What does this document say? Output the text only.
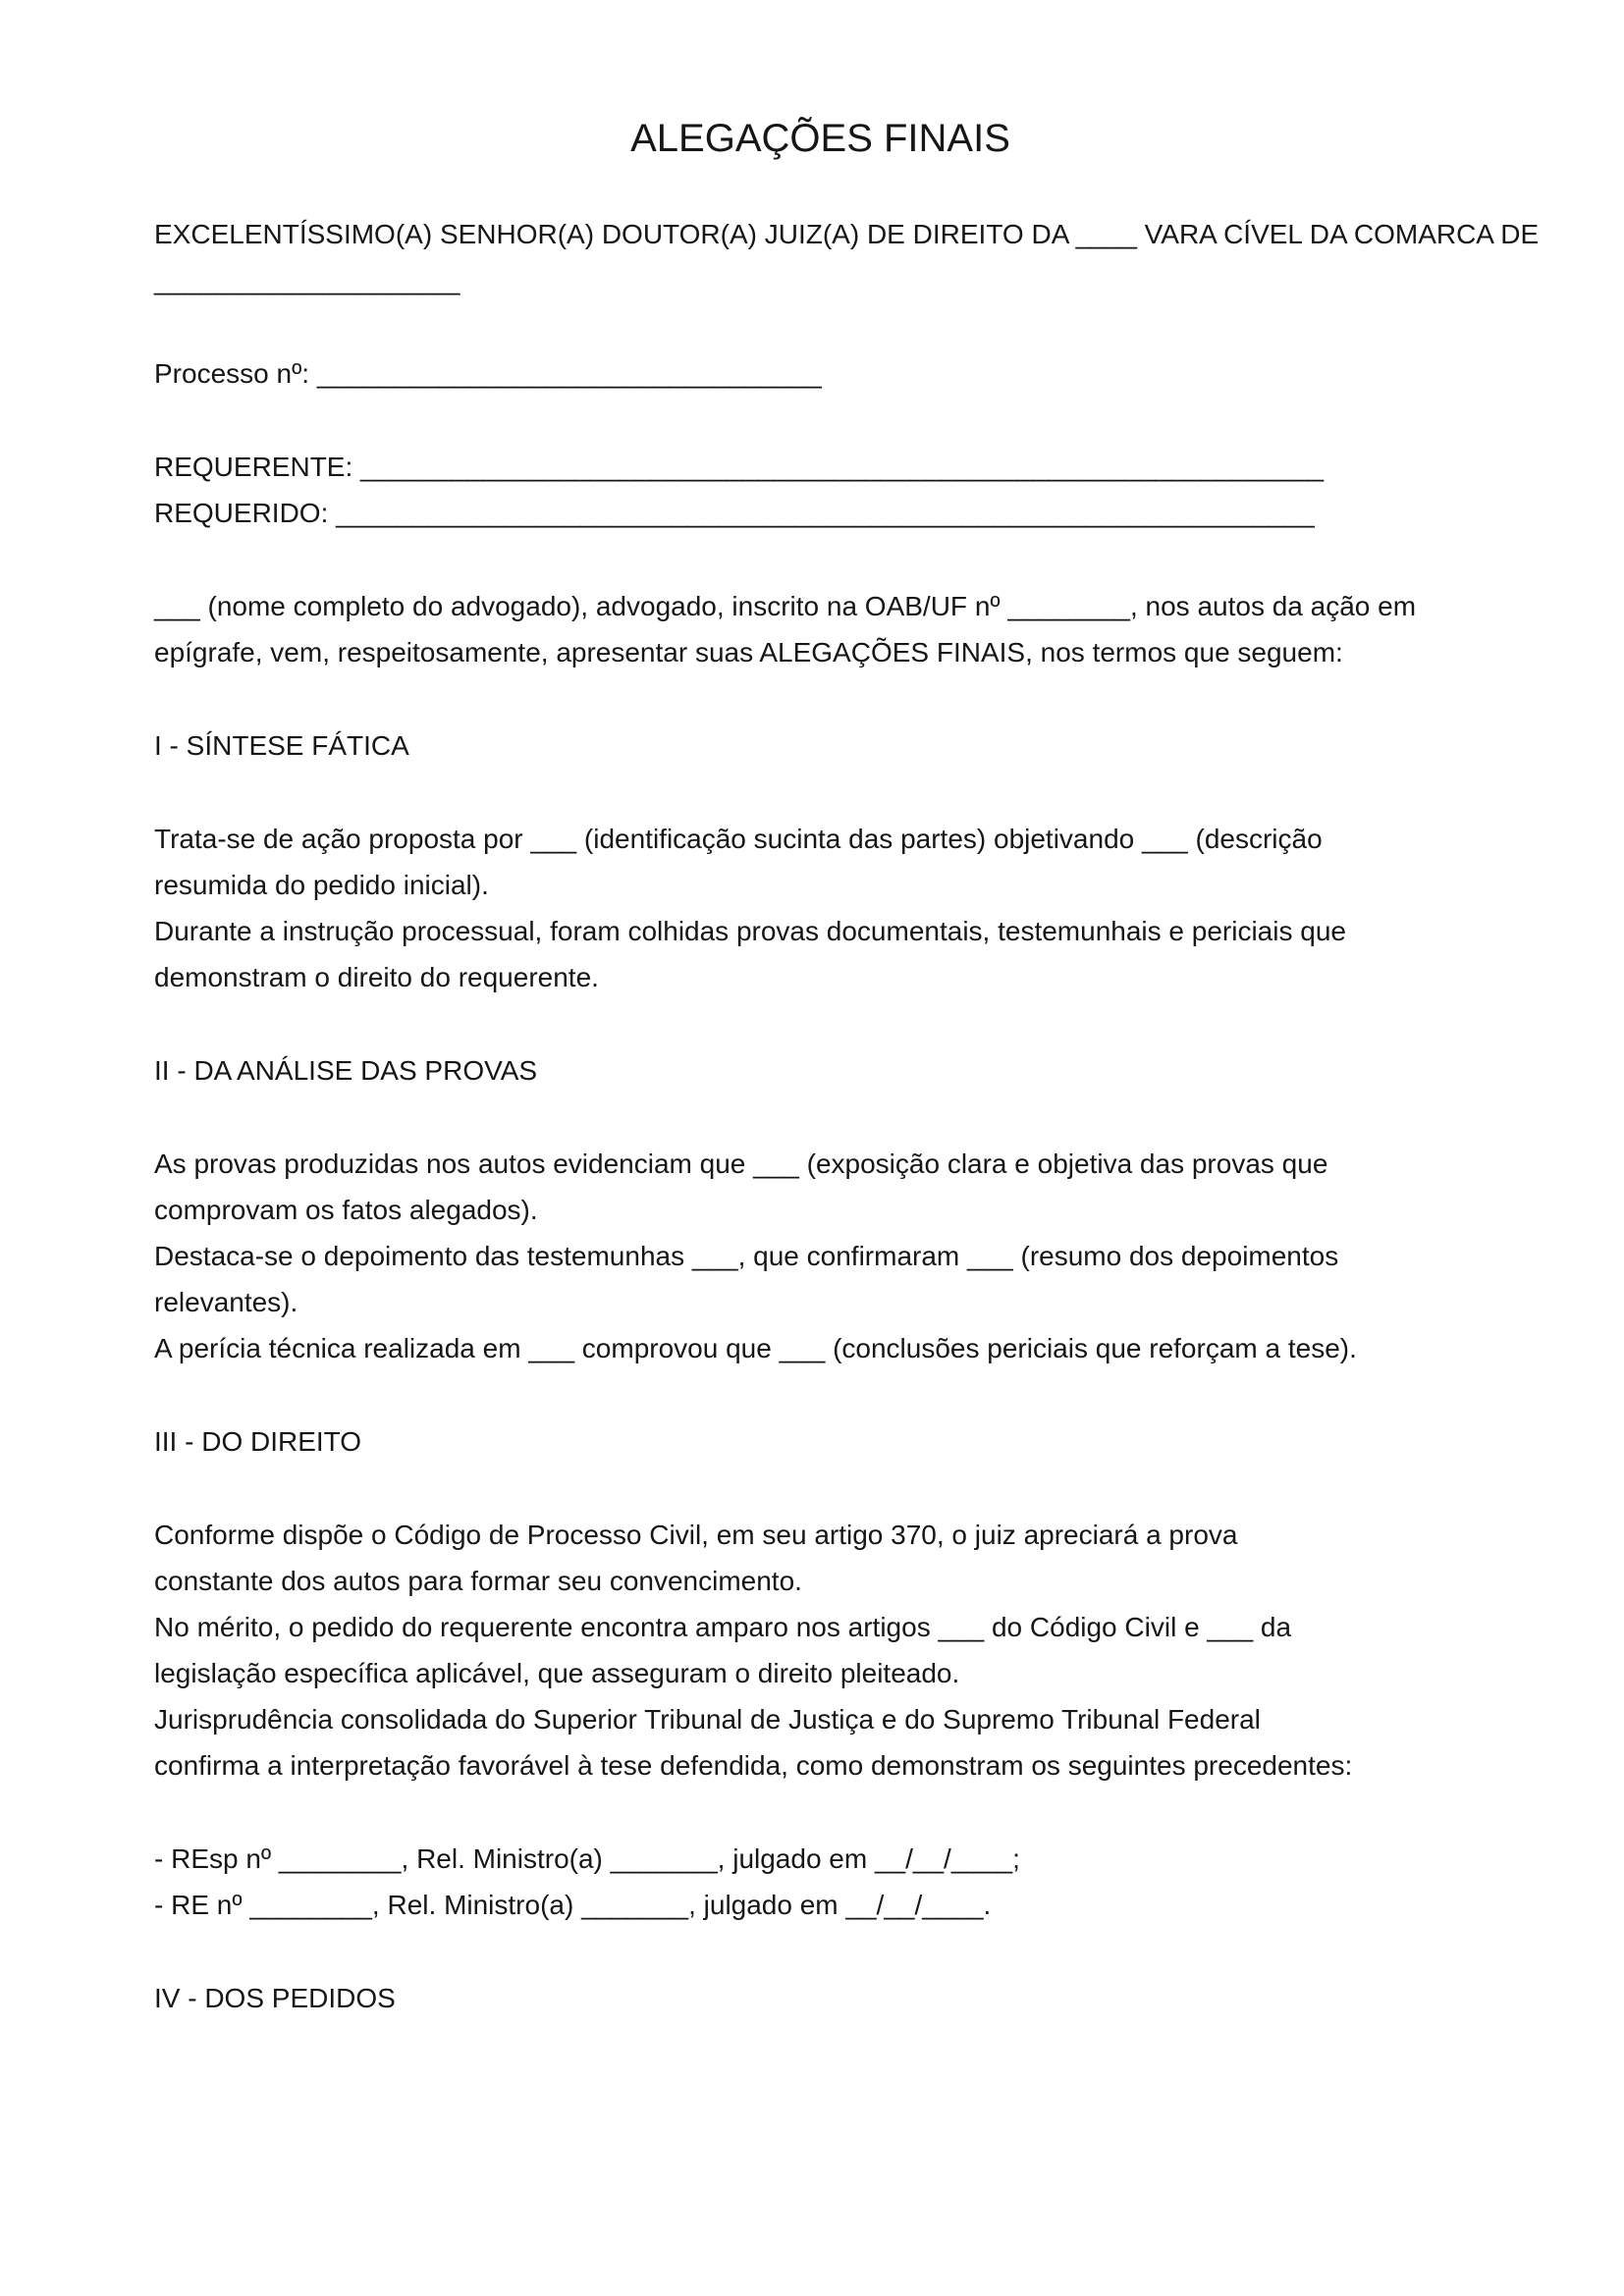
ALEGAÇÕES FINAIS
EXCELENTÍSSIMO(A) SENHOR(A) DOUTOR(A) JUIZ(A) DE DIREITO DA ____ VARA CÍVEL DA COMARCA DE
____________________
Processo nº: _________________________________
REQUERENTE: _______________________________________________________________
REQUERIDO: ________________________________________________________________
___ (nome completo do advogado), advogado, inscrito na OAB/UF nº ________, nos autos da ação em
epígrafe, vem, respeitosamente, apresentar suas ALEGAÇÕES FINAIS, nos termos que seguem:
I - SÍNTESE FÁTICA
Trata-se de ação proposta por ___ (identificação sucinta das partes) objetivando ___ (descrição
resumida do pedido inicial).
Durante a instrução processual, foram colhidas provas documentais, testemunhais e periciais que
demonstram o direito do requerente.
II - DA ANÁLISE DAS PROVAS
As provas produzidas nos autos evidenciam que ___ (exposição clara e objetiva das provas que
comprovam os fatos alegados).
Destaca-se o depoimento das testemunhas ___, que confirmaram ___ (resumo dos depoimentos
relevantes).
A perícia técnica realizada em ___ comprovou que ___ (conclusões periciais que reforçam a tese).
III - DO DIREITO
Conforme dispõe o Código de Processo Civil, em seu artigo 370, o juiz apreciará a prova
constante dos autos para formar seu convencimento.
No mérito, o pedido do requerente encontra amparo nos artigos ___ do Código Civil e ___ da
legislação específica aplicável, que asseguram o direito pleiteado.
Jurisprudência consolidada do Superior Tribunal de Justiça e do Supremo Tribunal Federal
confirma a interpretação favorável à tese defendida, como demonstram os seguintes precedentes:
- REsp nº ________, Rel. Ministro(a) _______, julgado em __/__/____;
- RE nº ________, Rel. Ministro(a) _______, julgado em __/__/____.
IV - DOS PEDIDOS
